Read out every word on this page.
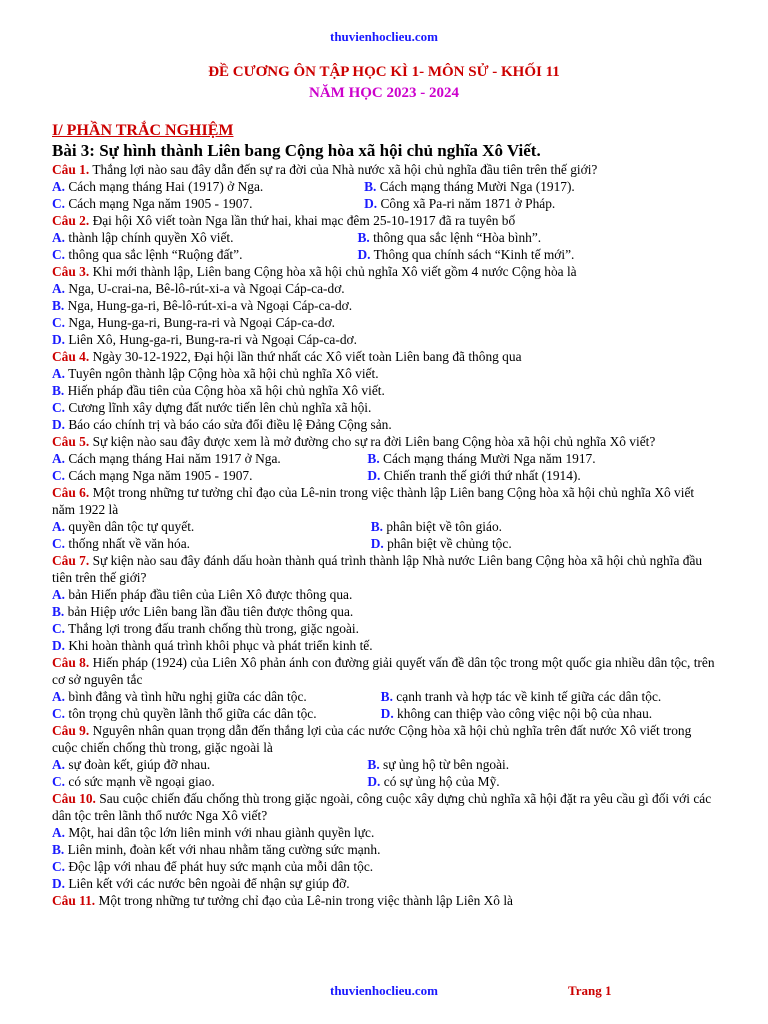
thuvienhoclieu.com
ĐỀ CƯƠNG ÔN TẬP HỌC KÌ 1- MÔN SỬ - KHỐI 11
NĂM HỌC 2023 - 2024
I/ PHẦN TRẮC NGHIỆM
Bài 3: Sự hình thành Liên bang Cộng hòa xã hội chủ nghĩa Xô Viết.
Câu 1. Thắng lợi nào sau đây dẫn đến sự ra đời của Nhà nước xã hội chủ nghĩa đầu tiên trên thế giới?
A. Cách mạng tháng Hai (1917) ở Nga.	B. Cách mạng tháng Mười Nga (1917).
C. Cách mạng Nga năm 1905 - 1907.	D. Công xã Pa-ri năm 1871 ở Pháp.
Câu 2. Đại hội Xô viết toàn Nga lần thứ hai, khai mạc đêm 25-10-1917 đã ra tuyên bố
A. thành lập chính quyền Xô viết.	B. thông qua sắc lệnh “Hòa bình”.
C. thông qua sắc lệnh “Ruộng đất”.	D. Thông qua chính sách “Kinh tế mới”.
Câu 3. Khi mới thành lập, Liên bang Cộng hòa xã hội chủ nghĩa Xô viết gồm 4 nước Cộng hòa là
A. Nga, U-crai-na, Bê-lô-rút-xi-a và Ngoại Cáp-ca-dơ.
B. Nga, Hung-ga-ri, Bê-lô-rút-xi-a và Ngoại Cáp-ca-dơ.
C. Nga, Hung-ga-ri, Bung-ra-ri và Ngoại Cáp-ca-dơ.
D. Liên Xô, Hung-ga-ri, Bung-ra-ri và Ngoại Cáp-ca-dơ.
Câu 4. Ngày 30-12-1922, Đại hội lần thứ nhất các Xô viết toàn Liên bang đã thông qua
A. Tuyên ngôn thành lập Cộng hòa xã hội chủ nghĩa Xô viết.
B. Hiến pháp đầu tiên của Cộng hòa xã hội chủ nghĩa Xô viết.
C. Cương lĩnh xây dựng đất nước tiến lên chủ nghĩa xã hội.
D. Báo cáo chính trị và báo cáo sửa đổi điều lệ Đảng Cộng sản.
Câu 5. Sự kiện nào sau đây được xem là mở đường cho sự ra đời Liên bang Cộng hòa xã hội chủ nghĩa Xô viết?
A. Cách mạng tháng Hai năm 1917 ở Nga.	B. Cách mạng tháng Mười Nga năm 1917.
C. Cách mạng Nga năm 1905 - 1907.	D. Chiến tranh thế giới thứ nhất (1914).
Câu 6. Một trong những tư tưởng chỉ đạo của Lê-nin trong việc thành lập Liên bang Cộng hòa xã hội chủ nghĩa Xô viết năm 1922 là
A. quyền dân tộc tự quyết.	B. phân biệt về tôn giáo.
C. thống nhất về văn hóa.	D. phân biệt về chủng tộc.
Câu 7. Sự kiện nào sau đây đánh dấu hoàn thành quá trình thành lập Nhà nước Liên bang Cộng hòa xã hội chủ nghĩa đầu tiên trên thế giới?
A. bản Hiến pháp đầu tiên của Liên Xô được thông qua.
B. bản Hiệp ước Liên bang lần đầu tiên được thông qua.
C. Thắng lợi trong đấu tranh chống thù trong, giặc ngoài.
D. Khi hoàn thành quá trình khôi phục và phát triển kinh tế.
Câu 8. Hiến pháp (1924) của Liên Xô phản ánh con đường giải quyết vấn đề dân tộc trong một quốc gia nhiều dân tộc, trên cơ sở nguyên tắc
A. bình đẳng và tình hữu nghị giữa các dân tộc.	B. cạnh tranh và hợp tác về kinh tế giữa các dân tộc.
C. tôn trọng chủ quyền lãnh thổ giữa các dân tộc.	D. không can thiệp vào công việc nội bộ của nhau.
Câu 9. Nguyên nhân quan trọng dẫn đến thắng lợi của các nước Cộng hòa xã hội chủ nghĩa trên đất nước Xô viết trong cuộc chiến chống thù trong, giặc ngoài là
A. sự đoàn kết, giúp đỡ nhau.	B. sự ủng hộ từ bên ngoài.
C. có sức mạnh về ngoại giao.	D. có sự ủng hộ của Mỹ.
Câu 10. Sau cuộc chiến đấu chống thù trong giặc ngoài, công cuộc xây dựng chủ nghĩa xã hội đặt ra yêu cầu gì đối với các dân tộc trên lãnh thổ nước Nga Xô viết?
A. Một, hai dân tộc lớn liên minh với nhau giành quyền lực.
B. Liên minh, đoàn kết với nhau nhằm tăng cường sức mạnh.
C. Độc lập với nhau để phát huy sức mạnh của mỗi dân tộc.
D. Liên kết với các nước bên ngoài để nhận sự giúp đỡ.
Câu 11. Một trong những tư tưởng chỉ đạo của Lê-nin trong việc thành lập Liên Xô là
thuvienhoclieu.com	Trang 1
